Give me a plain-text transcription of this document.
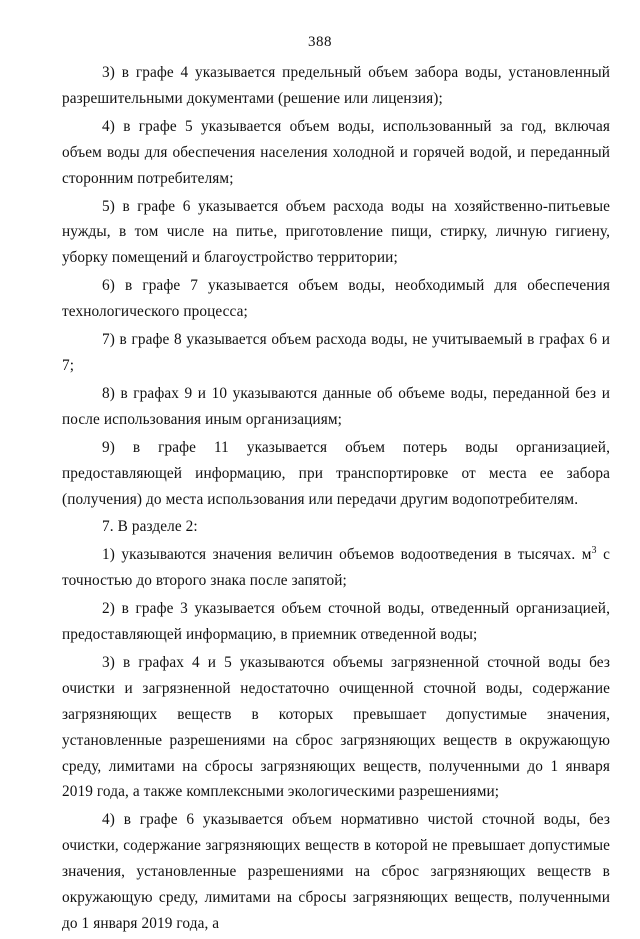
388

3) в графе 4 указывается предельный объем забора воды, установленный разрешительными документами (решение или лицензия);

4) в графе 5 указывается объем воды, использованный за год, включая объем воды для обеспечения населения холодной и горячей водой, и переданный сторонним потребителям;

5) в графе 6 указывается объем расхода воды на хозяйственно-питьевые нужды, в том числе на питье, приготовление пищи, стирку, личную гигиену, уборку помещений и благоустройство территории;

6) в графе 7 указывается объем воды, необходимый для обеспечения технологического процесса;

7) в графе 8 указывается объем расхода воды, не учитываемый в графах 6 и 7;

8) в графах 9 и 10 указываются данные об объеме воды, переданной без и после использования иным организациям;

9) в графе 11 указывается объем потерь воды организацией, предоставляющей информацию, при транспортировке от места ее забора (получения) до места использования или передачи другим водопотребителям.

7. В разделе 2:

1) указываются значения величин объемов водоотведения в тысячах. $м^3$ с точностью до второго знака после запятой;

2) в графе 3 указывается объем сточной воды, отведенный организацией, предоставляющей информацию, в приемник отведенной воды;

3) в графах 4 и 5 указываются объемы загрязненной сточной воды без очистки и загрязненной недостаточно очищенной сточной воды, содержание загрязняющих веществ в которых превышает допустимые значения, установленные разрешениями на сброс загрязняющих веществ в окружающую среду, лимитами на сбросы загрязняющих веществ, полученными до 1 января 2019 года, а также комплексными экологическими разрешениями;

4) в графе 6 указывается объем нормативно чистой сточной воды, без очистки, содержание загрязняющих веществ в которой не превышает допустимые значения, установленные разрешениями на сброс загрязняющих веществ в окружающую среду, лимитами на сбросы загрязняющих веществ, полученными до 1 января 2019 года, а
